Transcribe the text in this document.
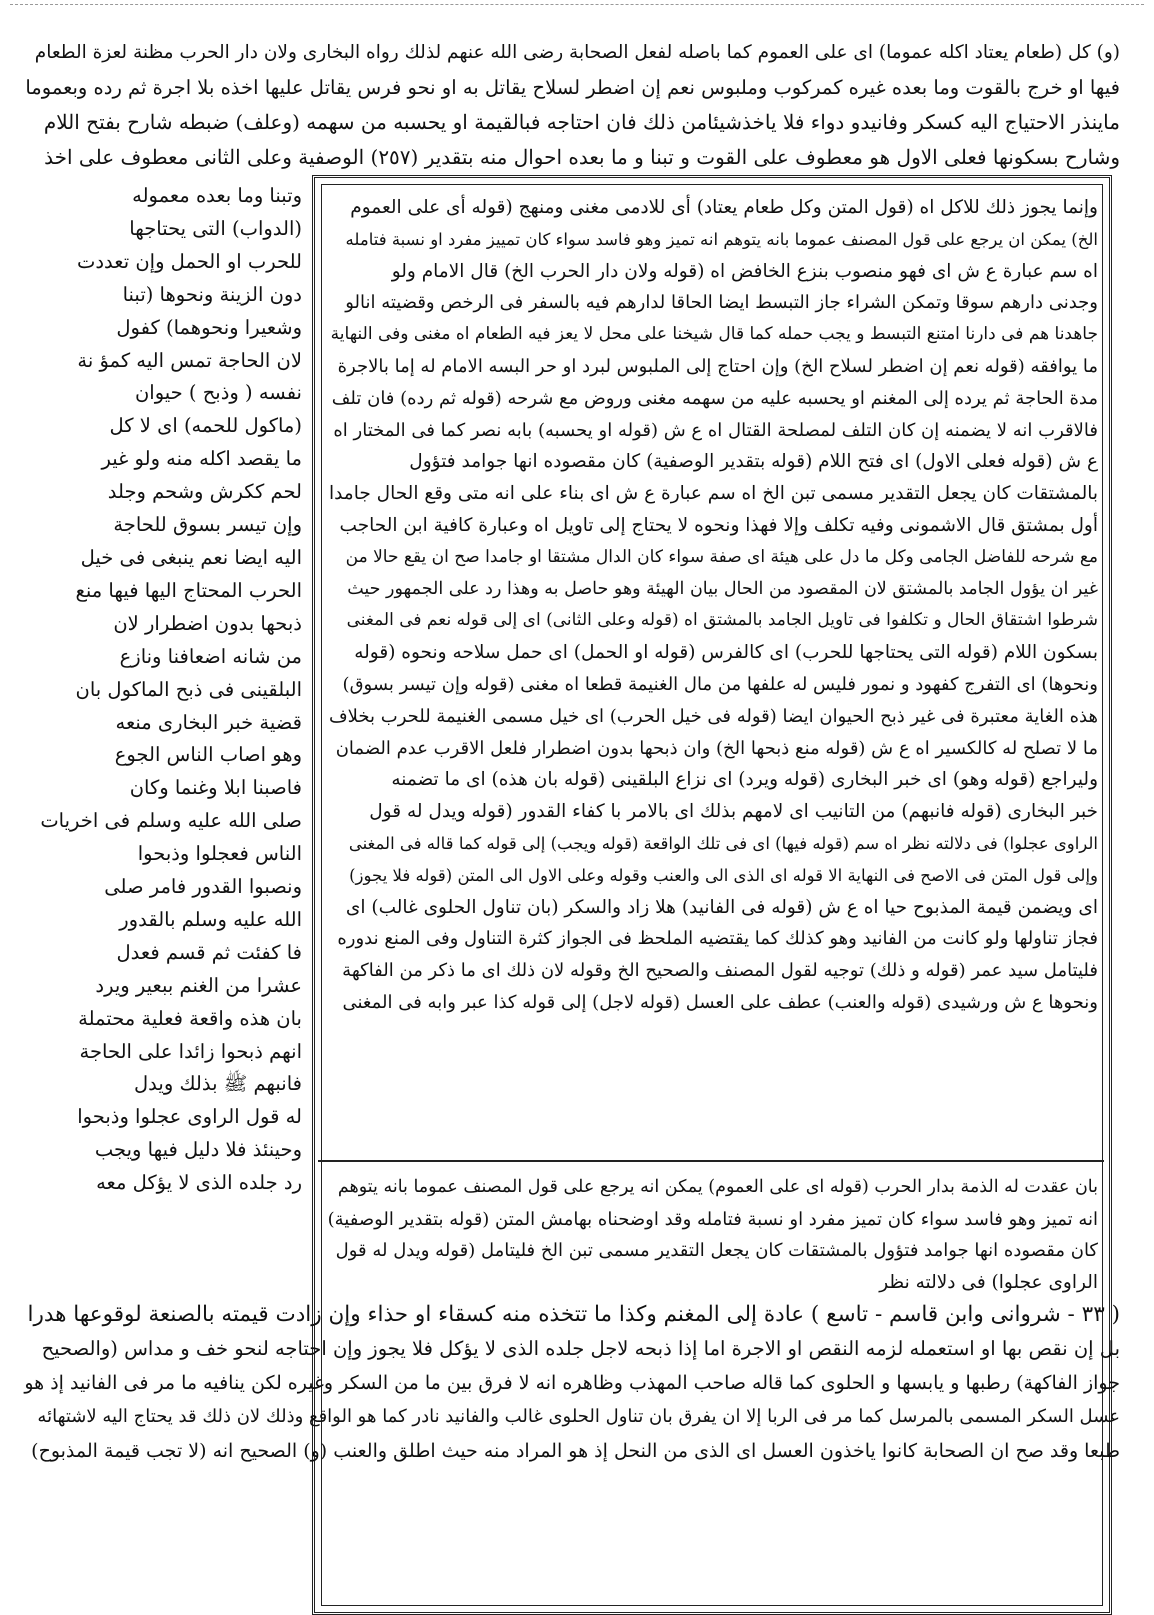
(و) كل (طعام يعتاد اكله عموما) اى على العموم كما باصله لفعل الصحابة رضى الله عنهم لذلك رواه البخارى ولان دار الحرب مظنة لعزة الطعام
فيها او خرج بالقوت وما بعده غيره كمركوب وملبوس نعم إن اضطر لسلاح يقاتل به او نحو فرس يقاتل عليها اخذه بلا اجرة ثم رده وبعموما
ماينذر الاحتياج اليه كسكر وفانيدو دواء فلا ياخذشيئامن ذلك فان احتاجه فبالقيمة او يحسبه من سهمه (وعلف) ضبطه شارح بفتح اللام
وشارح بسكونها فعلى الاول هو معطوف على القوت و تبنا و ما بعده احوال منه بتقدير (٢٥٧) الوصفية وعلى الثانى معطوف على اخذ
وإنما يجوز ذلك للاكل اه (قول المتن وكل طعام يعتاد) أى للادمى مغنى ومنهج (قوله أى على العموم
الخ) يمكن ان يرجع على قول المصنف عموما بانه يتوهم انه تميز وهو فاسد سواء كان تمييز مفرد او نسبة فتامله
اه سم عبارة ع ش اى فهو منصوب بنزع الخافض اه (قوله ولان دار الحرب الخ) قال الامام ولو
وجدنى دارهم سوقا وتمكن الشراء جاز التبسط ايضا الحاقا لدارهم فيه بالسفر فى الرخص وقضيته انالو
جاهدنا هم فى دارنا امتنع التبسط و يجب حمله كما قال شيخنا على محل لا يعز فيه الطعام اه مغنى وفى النهاية
ما يوافقه (قوله نعم إن اضطر لسلاح الخ) وإن احتاج إلى الملبوس لبرد او حر البسه الامام له إما بالاجرة
مدة الحاجة ثم يرده إلى المغنم او يحسبه عليه من سهمه مغنى وروض مع شرحه (قوله ثم رده) فان تلف
فالاقرب انه لا يضمنه إن كان التلف لمصلحة القتال اه ع ش (قوله او يحسبه) بابه نصر كما فى المختار اه
ع ش (قوله فعلى الاول) اى فتح اللام (قوله بتقدير الوصفية) كان مقصوده انها جوامد فتؤول
بالمشتقات كان يجعل التقدير مسمى تبن الخ اه سم عبارة ع ش اى بناء على انه متى وقع الحال جامدا
أول بمشتق قال الاشمونى وفيه تكلف وإلا فهذا ونحوه لا يحتاج إلى تاويل اه وعبارة كافية ابن الحاجب
مع شرحه للفاضل الجامى وكل ما دل على هيئة اى صفة سواء كان الدال مشتقا او جامدا صح ان يقع حالا من
غير ان يؤول الجامد بالمشتق لان المقصود من الحال بيان الهيئة وهو حاصل به وهذا رد على الجمهور حيث
شرطوا اشتقاق الحال و تكلفوا فى تاويل الجامد بالمشتق اه (قوله وعلى الثانى) اى إلى قوله نعم فى المغنى
بسكون اللام (قوله التى يحتاجها للحرب) اى كالفرس (قوله او الحمل) اى حمل سلاحه ونحوه (قوله
ونحوها) اى التفرج كفهود و نمور فليس له علفها من مال الغنيمة قطعا اه مغنى (قوله وإن تيسر بسوق)
هذه الغاية معتبرة فى غير ذبح الحيوان ايضا (قوله فى خيل الحرب) اى خيل مسمى الغنيمة للحرب بخلاف
ما لا تصلح له كالكسير اه ع ش (قوله منع ذبحها الخ) وان ذبحها بدون اضطرار فلعل الاقرب عدم الضمان
وليراجع (قوله وهو) اى خبر البخارى (قوله ويرد) اى نزاع البلقينى (قوله بان هذه) اى ما تضمنه
خبر البخارى (قوله فانبهم) من التانيب اى لامهم بذلك اى بالامر با كفاء القدور (قوله ويدل له قول
الراوى عجلوا) فى دلالته نظر اه سم (قوله فيها) اى فى تلك الواقعة (قوله ويجب) إلى قوله كما قاله فى المغنى
وإلى قول المتن فى الاصح فى النهاية الا قوله اى الذى الى والعنب وقوله وعلى الاول الى المتن (قوله فلا يجوز)
اى ويضمن قيمة المذبوح حيا اه ع ش (قوله فى الفانيد) هلا زاد والسكر (بان تناول الحلوى غالب) اى
فجاز تناولها ولو كانت من الفانيد وهو كذلك كما يقتضيه الملحظ فى الجواز كثرة التناول وفى المنع ندوره
فليتامل سيد عمر (قوله و ذلك) توجيه لقول المصنف والصحيح الخ وقوله لان ذلك اى ما ذكر من الفاكهة
ونحوها ع ش ورشيدى (قوله والعنب) عطف على العسل (قوله لاجل) إلى قوله كذا عبر وابه فى المغنى
بان عقدت له الذمة بدار الحرب (قوله اى على العموم) يمكن انه يرجع على قول المصنف عموما بانه يتوهم
انه تميز وهو فاسد سواء كان تميز مفرد او نسبة فتامله وقد اوضحناه بهامش المتن (قوله بتقدير الوصفية)
كان مقصوده انها جوامد فتؤول بالمشتقات كان يجعل التقدير مسمى تبن الخ فليتامل (قوله ويدل له قول
الراوى عجلوا) فى دلالته نظر
وتبنا وما بعده معموله
(الدواب) التى يحتاجها
للحرب او الحمل وإن تعددت
دون الزينة ونحوها (تبنا
وشعيرا ونحوهما) كفول
لان الحاجة تمس اليه كمؤ نة
نفسه ( وذبح ) حيوان
(ماكول للحمه) اى لا كل
ما يقصد اكله منه ولو غير
لحم ككرش وشحم وجلد
وإن تيسر بسوق للحاجة
اليه ايضا نعم ينبغى فى خيل
الحرب المحتاج اليها فيها منع
ذبحها بدون اضطرار لان
من شانه اضعافنا ونازع
البلقينى فى ذبح الماكول بان
قضية خبر البخارى منعه
وهو اصاب الناس الجوع
فاصبنا ابلا وغنما وكان
صلى الله عليه وسلم فى اخريات
الناس فعجلوا وذبحوا
ونصبوا القدور فامر صلى
الله عليه وسلم بالقدور
فا كفئت ثم قسم فعدل
عشرا من الغنم ببعير ويرد
بان هذه واقعة فعلية محتملة
انهم ذبحوا زائدا على الحاجة
فانبهم ﷺ بذلك ويدل
له قول الراوى عجلوا وذبحوا
وحينئذ فلا دليل فيها ويجب
رد جلده الذى لا يؤكل معه
( ٣٣ - شروانى وابن قاسم - تاسع ) عادة إلى المغنم وكذا ما تتخذه منه كسقاء او حذاء وإن زادت قيمته بالصنعة لوقوعها هدرا
بل إن نقص بها او استعمله لزمه النقص او الاجرة اما إذا ذبحه لاجل جلده الذى لا يؤكل فلا يجوز وإن احتاجه لنحو خف و مداس (والصحيح
جواز الفاكهة) رطبها و يابسها و الحلوى كما قاله صاحب المهذب وظاهره انه لا فرق بين ما من السكر وغيره لكن ينافيه ما مر فى الفانيد إذ هو
عسل السكر المسمى بالمرسل كما مر فى الربا إلا ان يفرق بان تناول الحلوى غالب والفانيد نادر كما هو الواقع وذلك لان ذلك قد يحتاج اليه لاشتهائه
طبعا وقد صح ان الصحابة كانوا ياخذون العسل اى الذى من النحل إذ هو المراد منه حيث اطلق والعنب (و) الصحيح انه (لا تجب قيمة المذبوح)
